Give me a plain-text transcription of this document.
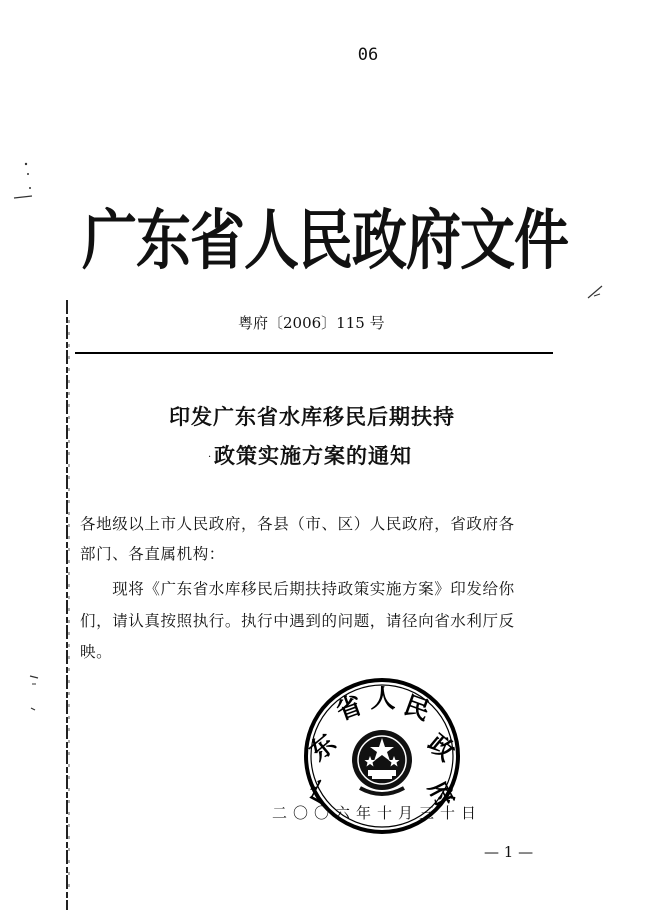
06
广东省人民政府文件
粤府〔2006〕115 号
印发广东省水库移民后期扶持
· 政策实施方案的通知
各地级以上市人民政府，各县（市、区）人民政府，省政府各
部门、各直属机构：
　　现将《广东省水库移民后期扶持政策实施方案》印发给你
们，请认真按照执行。执行中遇到的问题，请径向省水利厅反
映。
广
东
省 人 民
政
府
二〇〇六年十月三十日
— 1 —
